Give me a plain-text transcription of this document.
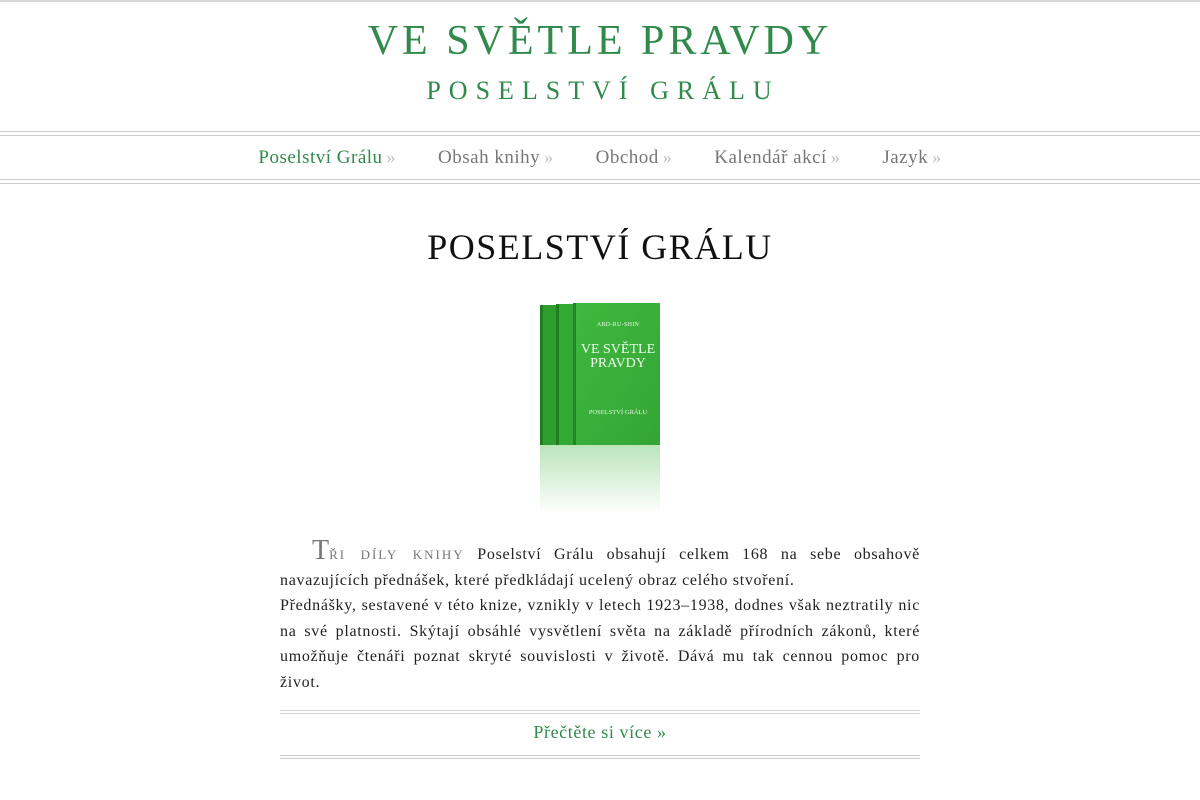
VE SVĚTLE PRAVDY
POSELSTVÍ GRÁLU
Poselství Grálu » Obsah knihy » Obchod » Kalendář akcí » Jazyk »
POSELSTVÍ GRÁLU
ABD-RU-SHIN
VE SVĚTLE
PRAVDY
POSELSTVÍ GRÁLU

Tři díly knihy Poselství Grálu obsahují celkem 168 na sebe obsahově navazujících přednášek, které předkládají ucelený obraz celého stvoření.

Přednášky, sestavené v této knize, vznikly v letech 1923–1938, dodnes však neztratily nic na své platnosti. Skýtají obsáhlé vysvětlení světa na základě přírodních zákonů, které umožňuje čtenáři poznat skryté souvislosti v životě. Dává mu tak cennou pomoc pro život.

Přečtěte si více »
